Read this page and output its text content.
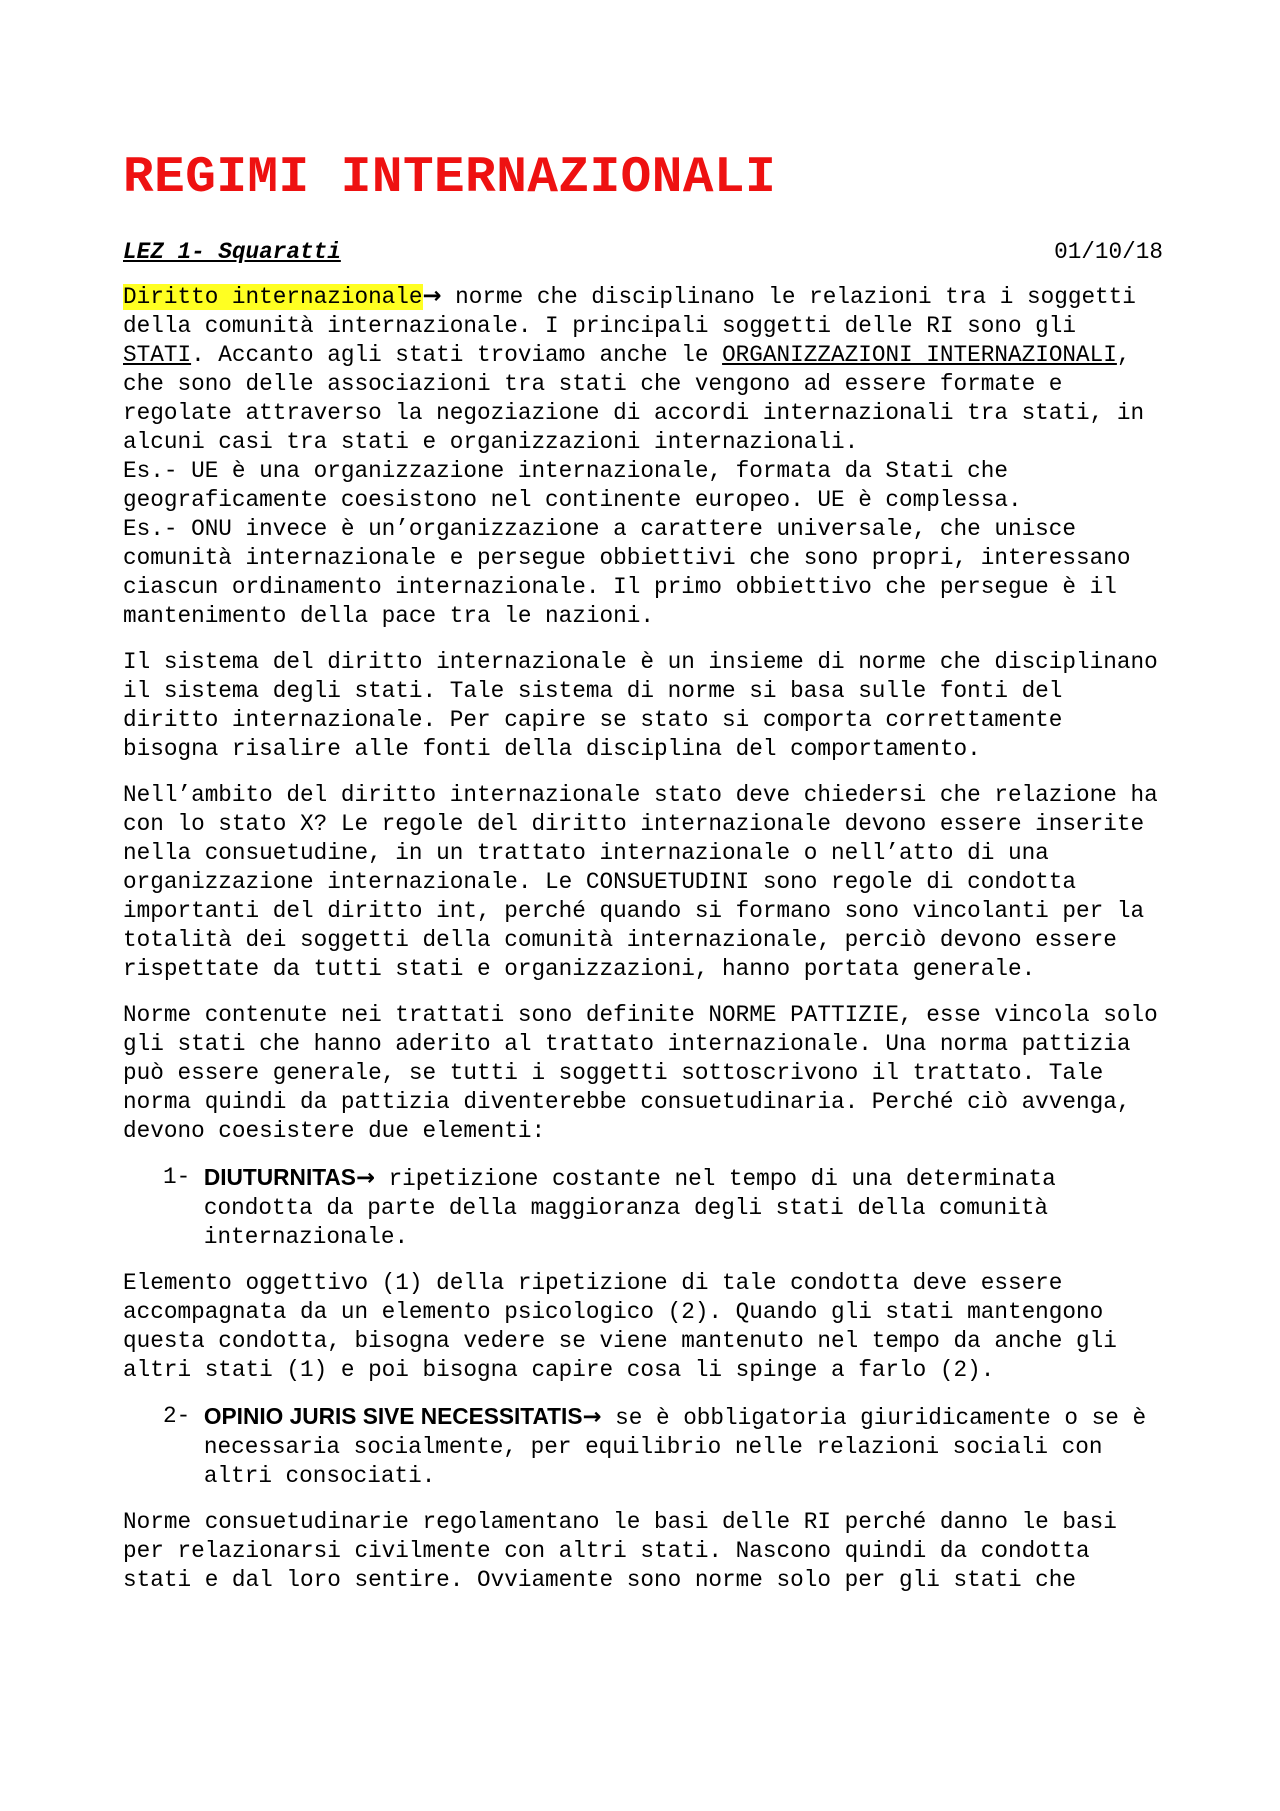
REGIMI INTERNAZIONALI
LEZ 1- Squaratti	01/10/18

Diritto internazionale→ norme che disciplinano le relazioni tra i soggetti della comunità internazionale. I principali soggetti delle RI sono gli STATI. Accanto agli stati troviamo anche le ORGANIZZAZIONI INTERNAZIONALI, che sono delle associazioni tra stati che vengono ad essere formate e regolate attraverso la negoziazione di accordi internazionali tra stati, in alcuni casi tra stati e organizzazioni internazionali.
Es.- UE è una organizzazione internazionale, formata da Stati che geograficamente coesistono nel continente europeo. UE è complessa.
Es.- ONU invece è un’organizzazione a carattere universale, che unisce comunità internazionale e persegue obbiettivi che sono propri, interessano ciascun ordinamento internazionale. Il primo obbiettivo che persegue è il mantenimento della pace tra le nazioni.

Il sistema del diritto internazionale è un insieme di norme che disciplinano il sistema degli stati. Tale sistema di norme si basa sulle fonti del diritto internazionale. Per capire se stato si comporta correttamente bisogna risalire alle fonti della disciplina del comportamento.

Nell’ambito del diritto internazionale stato deve chiedersi che relazione ha con lo stato X? Le regole del diritto internazionale devono essere inserite nella consuetudine, in un trattato internazionale o nell’atto di una organizzazione internazionale. Le CONSUETUDINI sono regole di condotta importanti del diritto int, perché quando si formano sono vincolanti per la totalità dei soggetti della comunità internazionale, perciò devono essere rispettate da tutti stati e organizzazioni, hanno portata generale.

Norme contenute nei trattati sono definite NORME PATTIZIE, esse vincola solo gli stati che hanno aderito al trattato internazionale. Una norma pattizia può essere generale, se tutti i soggetti sottoscrivono il trattato. Tale norma quindi da pattizia diventerebbe consuetudinaria. Perché ciò avvenga, devono coesistere due elementi:

1- DIUTURNITAS→ ripetizione costante nel tempo di una determinata condotta da parte della maggioranza degli stati della comunità internazionale.

Elemento oggettivo (1) della ripetizione di tale condotta deve essere accompagnata da un elemento psicologico (2). Quando gli stati mantengono questa condotta, bisogna vedere se viene mantenuto nel tempo da anche gli altri stati (1) e poi bisogna capire cosa li spinge a farlo (2).

2- OPINIO JURIS SIVE NECESSITATIS→ se è obbligatoria giuridicamente o se è necessaria socialmente, per equilibrio nelle relazioni sociali con altri consociati.

Norme consuetudinarie regolamentano le basi delle RI perché danno le basi per relazionarsi civilmente con altri stati. Nascono quindi da condotta stati e dal loro sentire. Ovviamente sono norme solo per gli stati che
